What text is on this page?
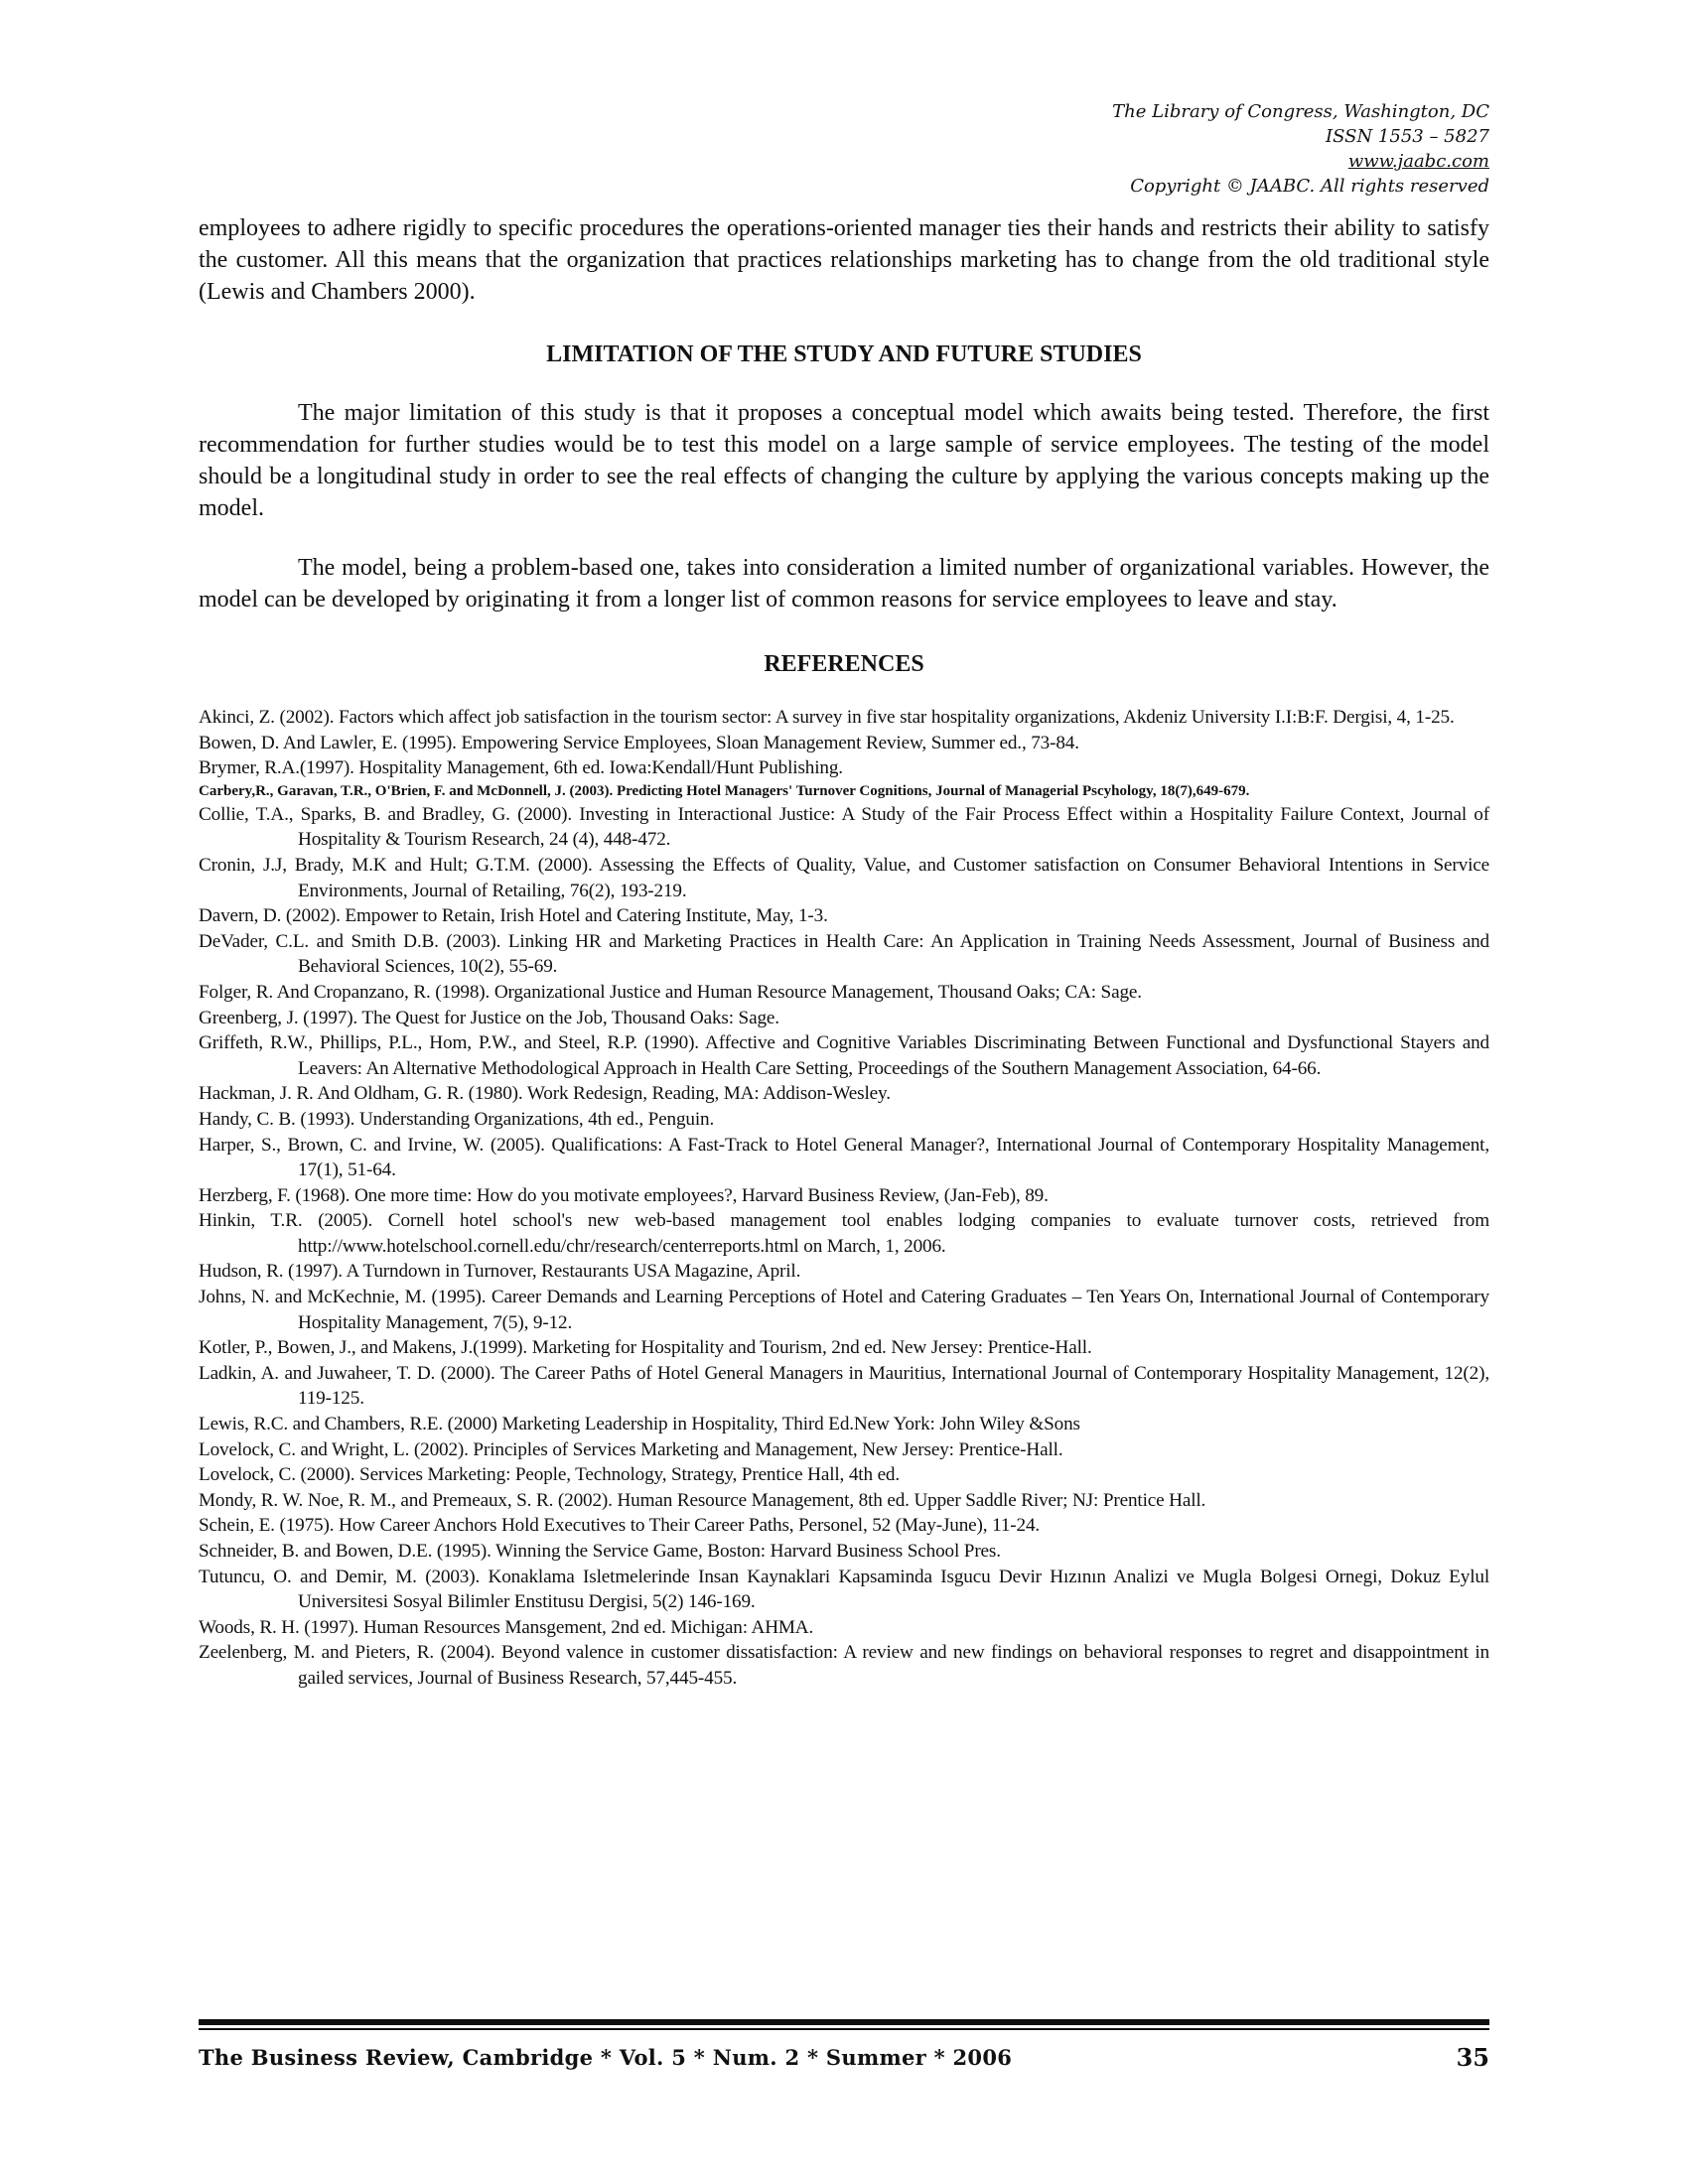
The Library of Congress, Washington, DC
ISSN 1553 – 5827
www.jaabc.com
Copyright © JAABC. All rights reserved

employees to adhere rigidly to specific procedures the operations-oriented manager ties their hands and restricts their ability to satisfy the customer. All this means that the organization that practices relationships marketing has to change from the old traditional style (Lewis and Chambers 2000).

LIMITATION OF THE STUDY AND FUTURE STUDIES

The major limitation of this study is that it proposes a conceptual model which awaits being tested. Therefore, the first recommendation for further studies would be to test this model on a large sample of service employees. The testing of the model should be a longitudinal study in order to see the real effects of changing the culture by applying the various concepts making up the model.

The model, being a problem-based one, takes into consideration a limited number of organizational variables. However, the model can be developed by originating it from a longer list of common reasons for service employees to leave and stay.

REFERENCES
Akinci, Z. (2002). Factors which affect job satisfaction in the tourism sector: A survey in five star hospitality organizations, Akdeniz University I.I:B:F. Dergisi, 4, 1-25.
Bowen, D. And Lawler, E. (1995). Empowering Service Employees, Sloan Management Review, Summer ed., 73-84.
Brymer, R.A.(1997). Hospitality Management, 6th ed. Iowa:Kendall/Hunt Publishing.
Carbery,R., Garavan, T.R., O'Brien, F. and McDonnell, J. (2003). Predicting Hotel Managers' Turnover Cognitions, Journal of Managerial Pscyhology, 18(7),649-679.
Collie, T.A., Sparks, B. and Bradley, G. (2000). Investing in Interactional Justice: A Study of the Fair Process Effect within a Hospitality Failure Context, Journal of Hospitality & Tourism Research, 24 (4), 448-472.
Cronin, J.J, Brady, M.K and Hult; G.T.M. (2000). Assessing the Effects of Quality, Value, and Customer satisfaction on Consumer Behavioral Intentions in Service Environments, Journal of Retailing, 76(2), 193-219.
Davern, D. (2002). Empower to Retain, Irish Hotel and Catering Institute, May, 1-3.
DeVader, C.L. and Smith D.B. (2003). Linking HR and Marketing Practices in Health Care: An Application in Training Needs Assessment, Journal of Business and Behavioral Sciences, 10(2), 55-69.
Folger, R. And Cropanzano, R. (1998). Organizational Justice and Human Resource Management, Thousand Oaks; CA: Sage.
Greenberg, J. (1997). The Quest for Justice on the Job, Thousand Oaks: Sage.
Griffeth, R.W., Phillips, P.L., Hom, P.W., and Steel, R.P. (1990). Affective and Cognitive Variables Discriminating Between Functional and Dysfunctional Stayers and Leavers: An Alternative Methodological Approach in Health Care Setting, Proceedings of the Southern Management Association, 64-66.
Hackman, J. R. And Oldham, G. R. (1980). Work Redesign, Reading, MA: Addison-Wesley.
Handy, C. B. (1993). Understanding Organizations, 4th ed., Penguin.
Harper, S., Brown, C. and Irvine, W. (2005). Qualifications: A Fast-Track to Hotel General Manager?, International Journal of Contemporary Hospitality Management, 17(1), 51-64.
Herzberg, F. (1968). One more time: How do you motivate employees?, Harvard Business Review, (Jan-Feb), 89.
Hinkin, T.R. (2005). Cornell hotel school's new web-based management tool enables lodging companies to evaluate turnover costs, retrieved from http://www.hotelschool.cornell.edu/chr/research/centerreports.html on March, 1, 2006.
Hudson, R. (1997). A Turndown in Turnover, Restaurants USA Magazine, April.
Johns, N. and McKechnie, M. (1995). Career Demands and Learning Perceptions of Hotel and Catering Graduates – Ten Years On, International Journal of Contemporary Hospitality Management, 7(5), 9-12.
Kotler, P., Bowen, J., and Makens, J.(1999). Marketing for Hospitality and Tourism, 2nd ed. New Jersey: Prentice-Hall.
Ladkin, A. and Juwaheer, T. D. (2000). The Career Paths of Hotel General Managers in Mauritius, International Journal of Contemporary Hospitality Management, 12(2), 119-125.
Lewis, R.C. and Chambers, R.E. (2000) Marketing Leadership in Hospitality, Third Ed.New York: John Wiley &Sons
Lovelock, C. and Wright, L. (2002). Principles of Services Marketing and Management, New Jersey: Prentice-Hall.
Lovelock, C. (2000). Services Marketing: People, Technology, Strategy, Prentice Hall, 4th ed.
Mondy, R. W. Noe, R. M., and Premeaux, S. R. (2002). Human Resource Management, 8th ed. Upper Saddle River; NJ: Prentice Hall.
Schein, E. (1975). How Career Anchors Hold Executives to Their Career Paths, Personel, 52 (May-June), 11-24.
Schneider, B. and Bowen, D.E. (1995). Winning the Service Game, Boston: Harvard Business School Pres.
Tutuncu, O. and Demir, M. (2003). Konaklama Isletmelerinde Insan Kaynaklari Kapsaminda Isgucu Devir Hızının Analizi ve Mugla Bolgesi Ornegi, Dokuz Eylul Universitesi Sosyal Bilimler Enstitusu Dergisi, 5(2) 146-169.
Woods, R. H. (1997). Human Resources Mansgement, 2nd ed. Michigan: AHMA.
Zeelenberg, M. and Pieters, R. (2004). Beyond valence in customer dissatisfaction: A review and new findings on behavioral responses to regret and disappointment in gailed services, Journal of Business Research, 57,445-455.
The Business Review, Cambridge * Vol. 5 * Num. 2 * Summer * 2006	35
